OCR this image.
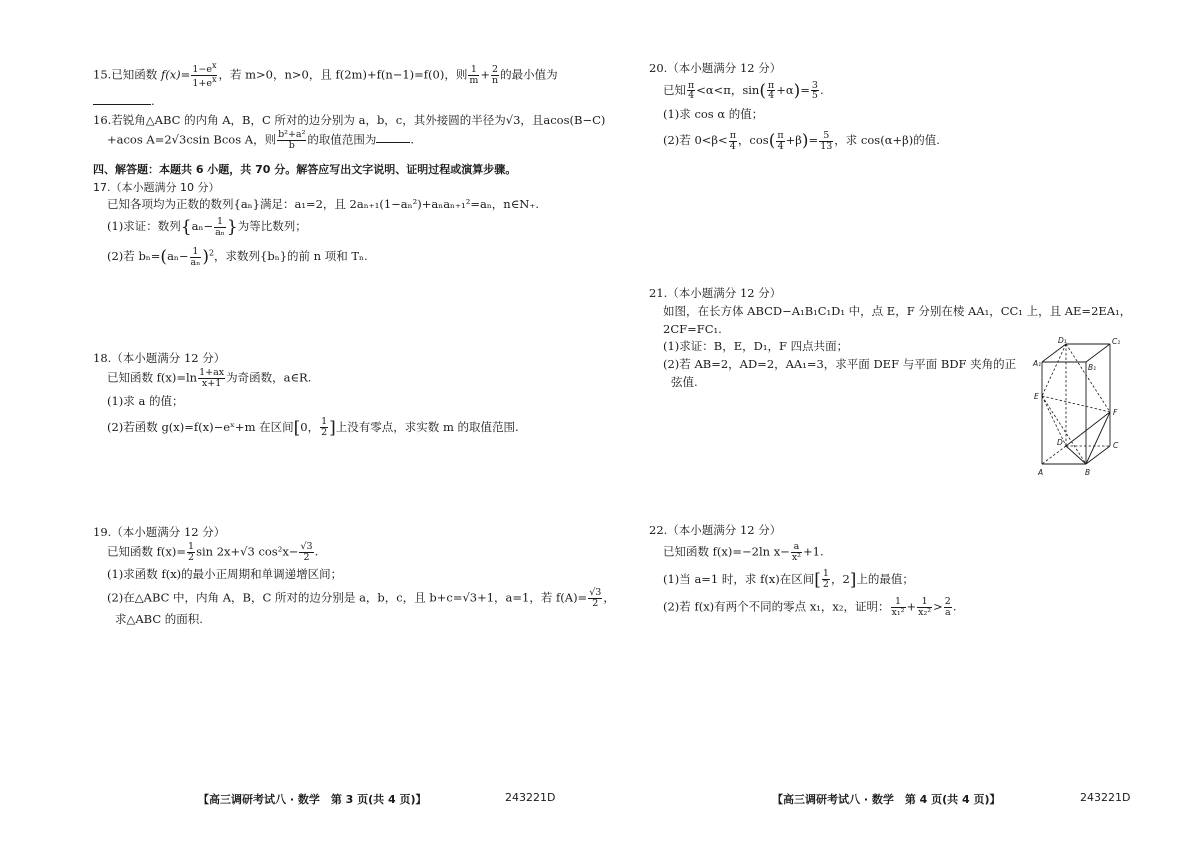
15.已知函数 $f(x)= \frac{1-e^x}{1+e^x}$ ，若 m>0，n>0，且 f(2m)+f(n−1)=f(0)，则 $\frac{1}{m} + \frac{2}{n}$ 的最小值为
.
16.若锐角△ABC 的内角 A，B，C 所对的边分别为 a，b，c，其外接圆的半径为√3，且acos(B−C)
+acos A=2√3csin Bcos A，则 $\frac{\text{b²+a²}}{b}$ 的取值范围为	.
四、解答题：本题共 6 小题，共 70 分。解答应写出文字说明、证明过程或演算步骤。
17.（本小题满分 10 分）
已知各项均为正数的数列{aₙ}满足：a₁=2，且 2aₙ₊₁(1−aₙ²)+aₙaₙ₊₁²=aₙ，n∈N₊.
(1)求证：数列{$a_n- \frac{1}{\text{aₙ}}$ }为等比数列；
(2)若 $b_n=(a_n- \frac{1}{\text{aₙ}} )^2$，求数列{bₙ}的前 n 项和 Tₙ.
18.（本小题满分 12 分）
已知函数 $f(x)=\ln \frac{1+ax}{x+1}$ 为奇函数，a∈R.
(1)求 a 的值；
(2)若函数 g(x)=f(x)−eˣ+m 在区间[0， $\frac{1}{2}$ ]上没有零点，求实数 m 的取值范围.
19.（本小题满分 12 分）
已知函数 $f(x)= \frac{1}{2}$ sin 2x+√3 $\cos^2x- \frac{√3}{2}$ .
(1)求函数 f(x)的最小正周期和单调递增区间；
(2)在△ABC 中，内角 A，B，C 所对的边分别是 a，b，c，且 b+c=√3+1，a=1，若 $f(A)= \frac{√3}{2}$ ，
求△ABC 的面积.
【高三调研考试八 · 数学　第 3 页(共 4 页)】	243221D
20.（本小题满分 12 分）
已知 $\frac{\pi}{4} <\alpha<\pi$，$\sin( \frac{\pi}{4} +\alpha)= \frac{3}{5}$ .
(1)求 cos α 的值；
(2)若 $0<\beta< \frac{\pi}{4}$ ，$\cos( \frac{\pi}{4} +\beta)= \frac{5}{13}$ ，求 cos(α+β)的值.
21.（本小题满分 12 分）
如图，在长方体 ABCD−A₁B₁C₁D₁ 中，点 E，F 分别在棱 AA₁，CC₁ 上，且 AE=2EA₁，
2CF=FC₁.
(1)求证：B，E，D₁，F 四点共面；
(2)若 AB=2，AD=2，AA₁=3，求平面 DEF 与平面 BDF 夹角的正
弦值.
22.（本小题满分 12 分）
已知函数 f(x)=−2ln $x- \frac{a}{\text{x²}} +1$.
(1)当 a=1 时，求 f(x)在区间[ $\frac{1}{2}$ ，2]上的最值；
(2)若 f(x)有两个不同的零点 x₁，x₂，证明： $\frac{1}{\text{x₁²}} + \frac{1}{\text{x₂²}} > \frac{2}{a}$ .
【高三调研考试八 · 数学　第 4 页(共 4 页)】	243221D
D₁	C₁
A₁	B₁
E
F
D	C
A	B
